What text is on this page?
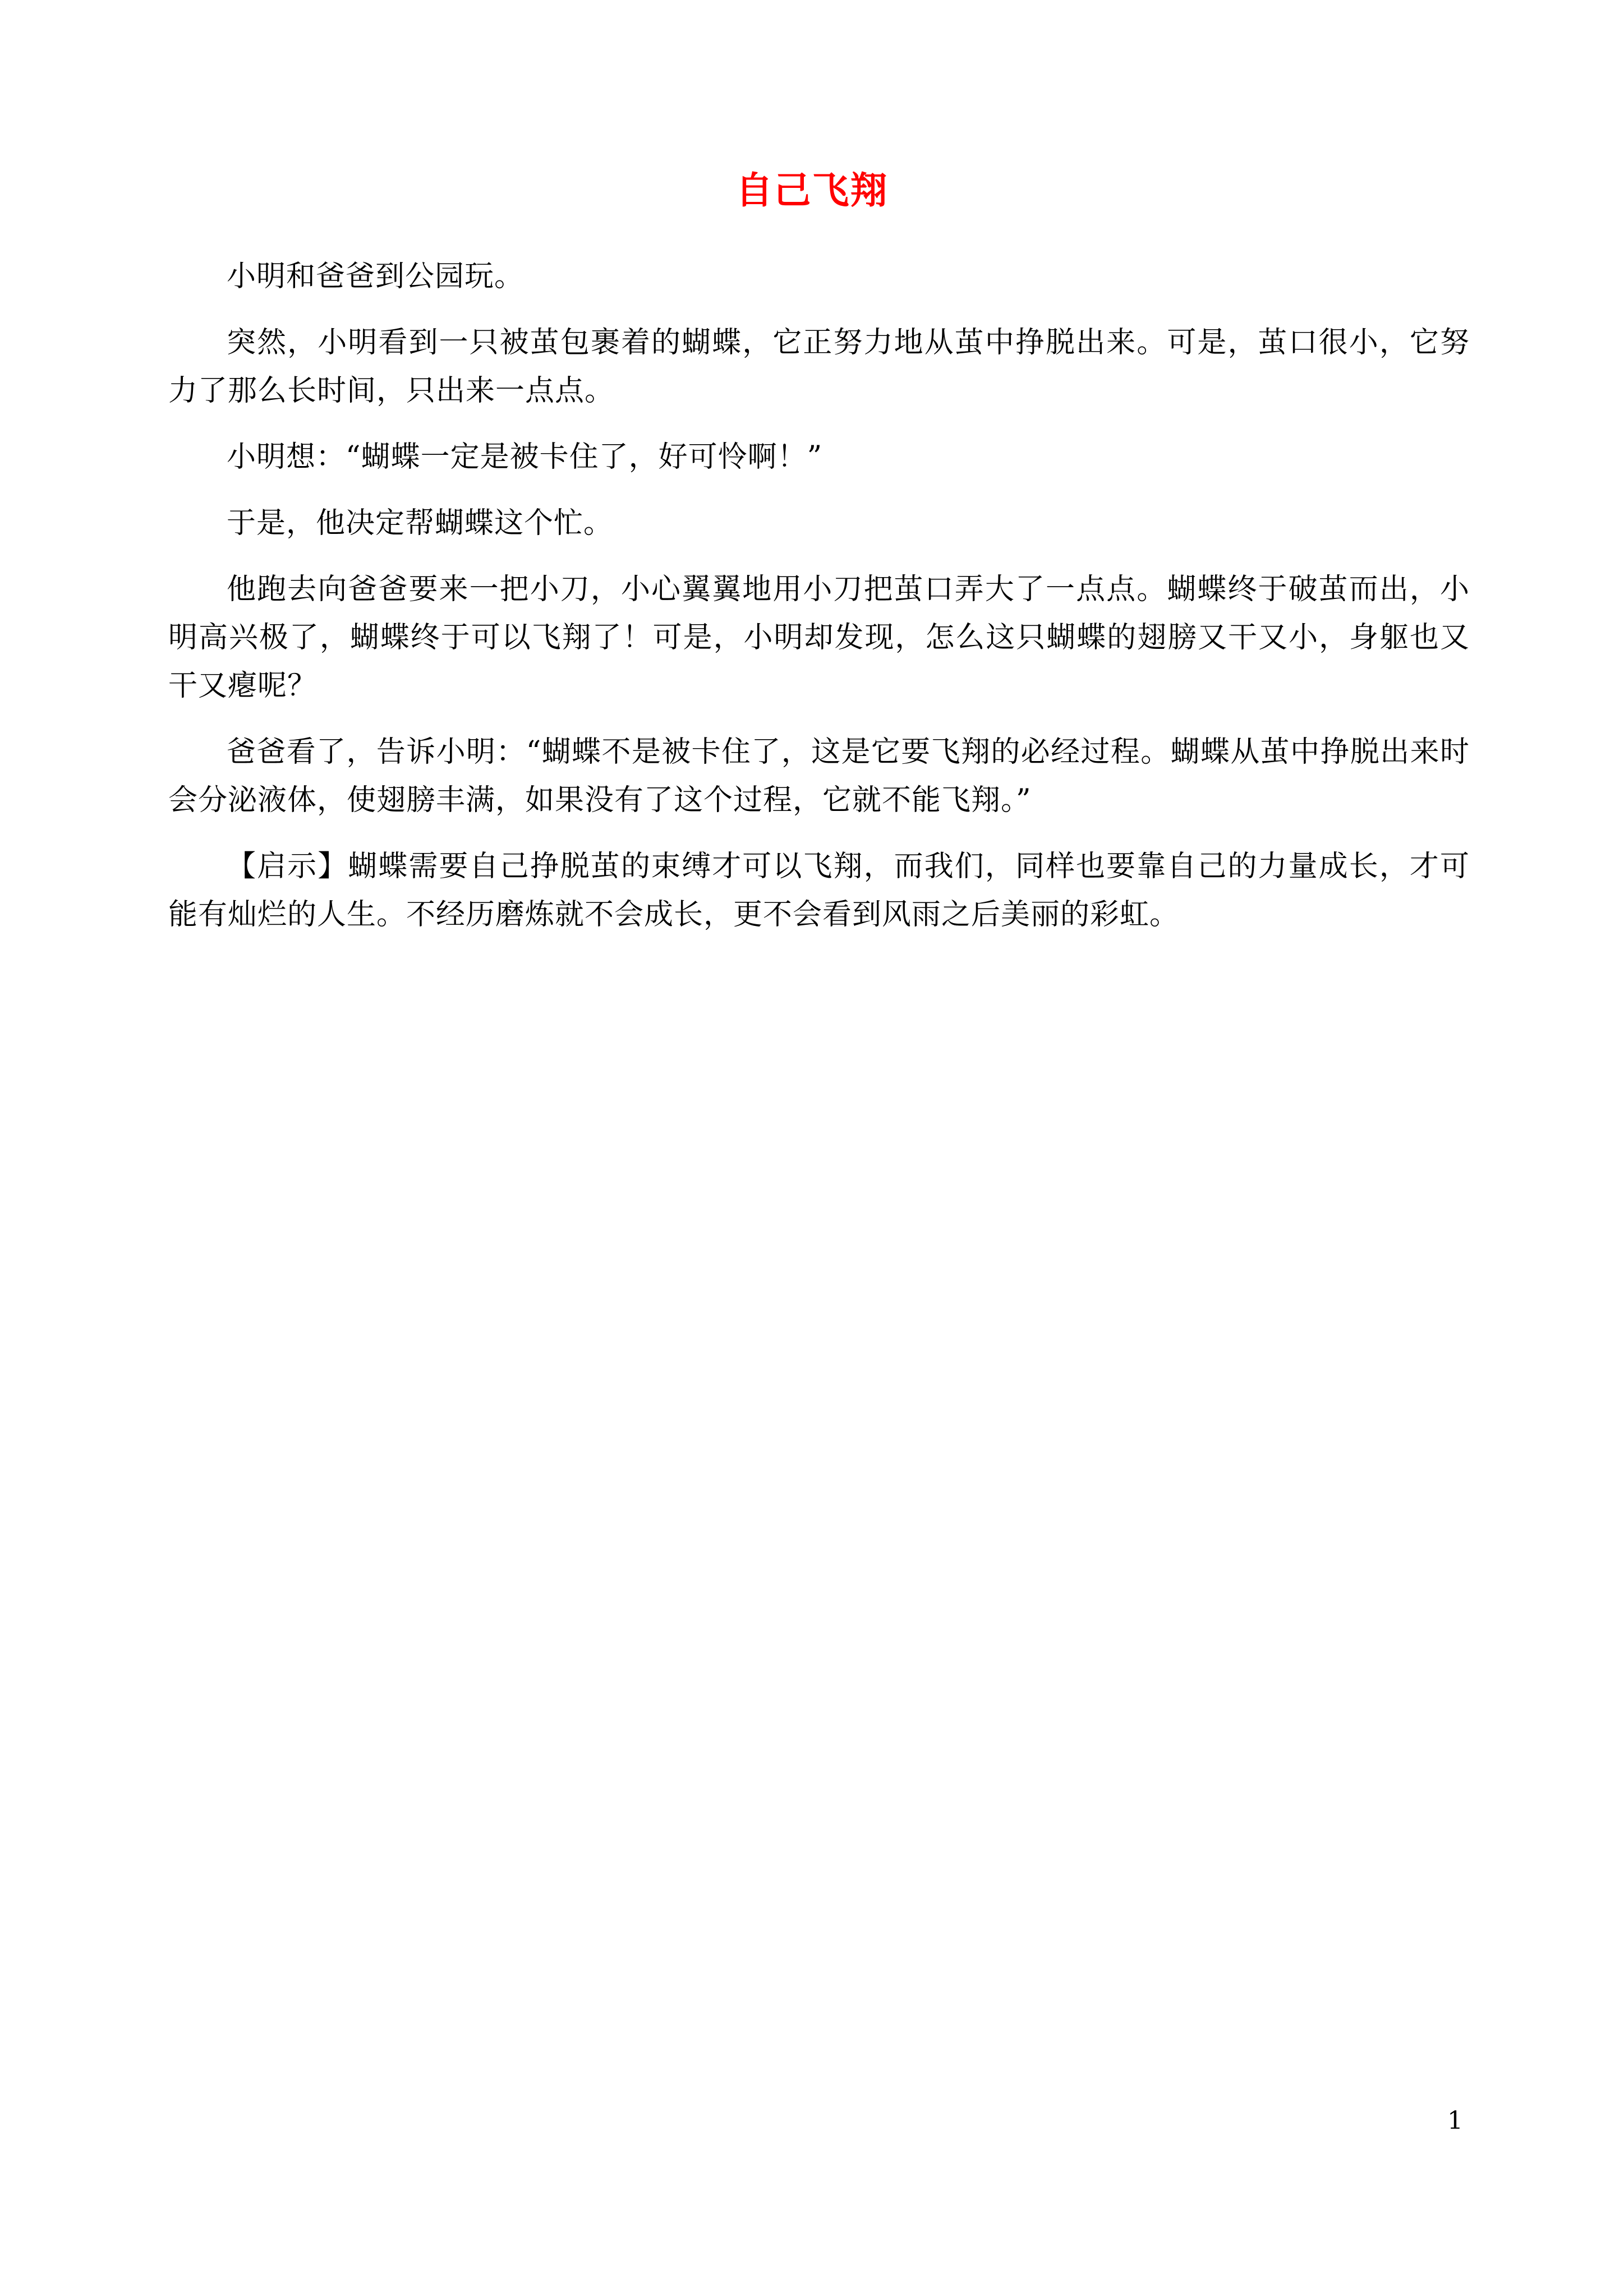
自己飞翔

小明和爸爸到公园玩。

突然，小明看到一只被茧包裹着的蝴蝶，它正努力地从茧中挣脱出来。可是，茧口很小，它努力了那么长时间，只出来一点点。

小明想：“蝴蝶一定是被卡住了，好可怜啊！”

于是，他决定帮蝴蝶这个忙。

他跑去向爸爸要来一把小刀，小心翼翼地用小刀把茧口弄大了一点点。蝴蝶终于破茧而出，小明高兴极了，蝴蝶终于可以飞翔了！可是，小明却发现，怎么这只蝴蝶的翅膀又干又小，身躯也又干又瘪呢？

爸爸看了，告诉小明：“蝴蝶不是被卡住了，这是它要飞翔的必经过程。蝴蝶从茧中挣脱出来时会分泌液体，使翅膀丰满，如果没有了这个过程，它就不能飞翔。”

【启示】蝴蝶需要自己挣脱茧的束缚才可以飞翔，而我们，同样也要靠自己的力量成长，才可能有灿烂的人生。不经历磨炼就不会成长，更不会看到风雨之后美丽的彩虹。

1
